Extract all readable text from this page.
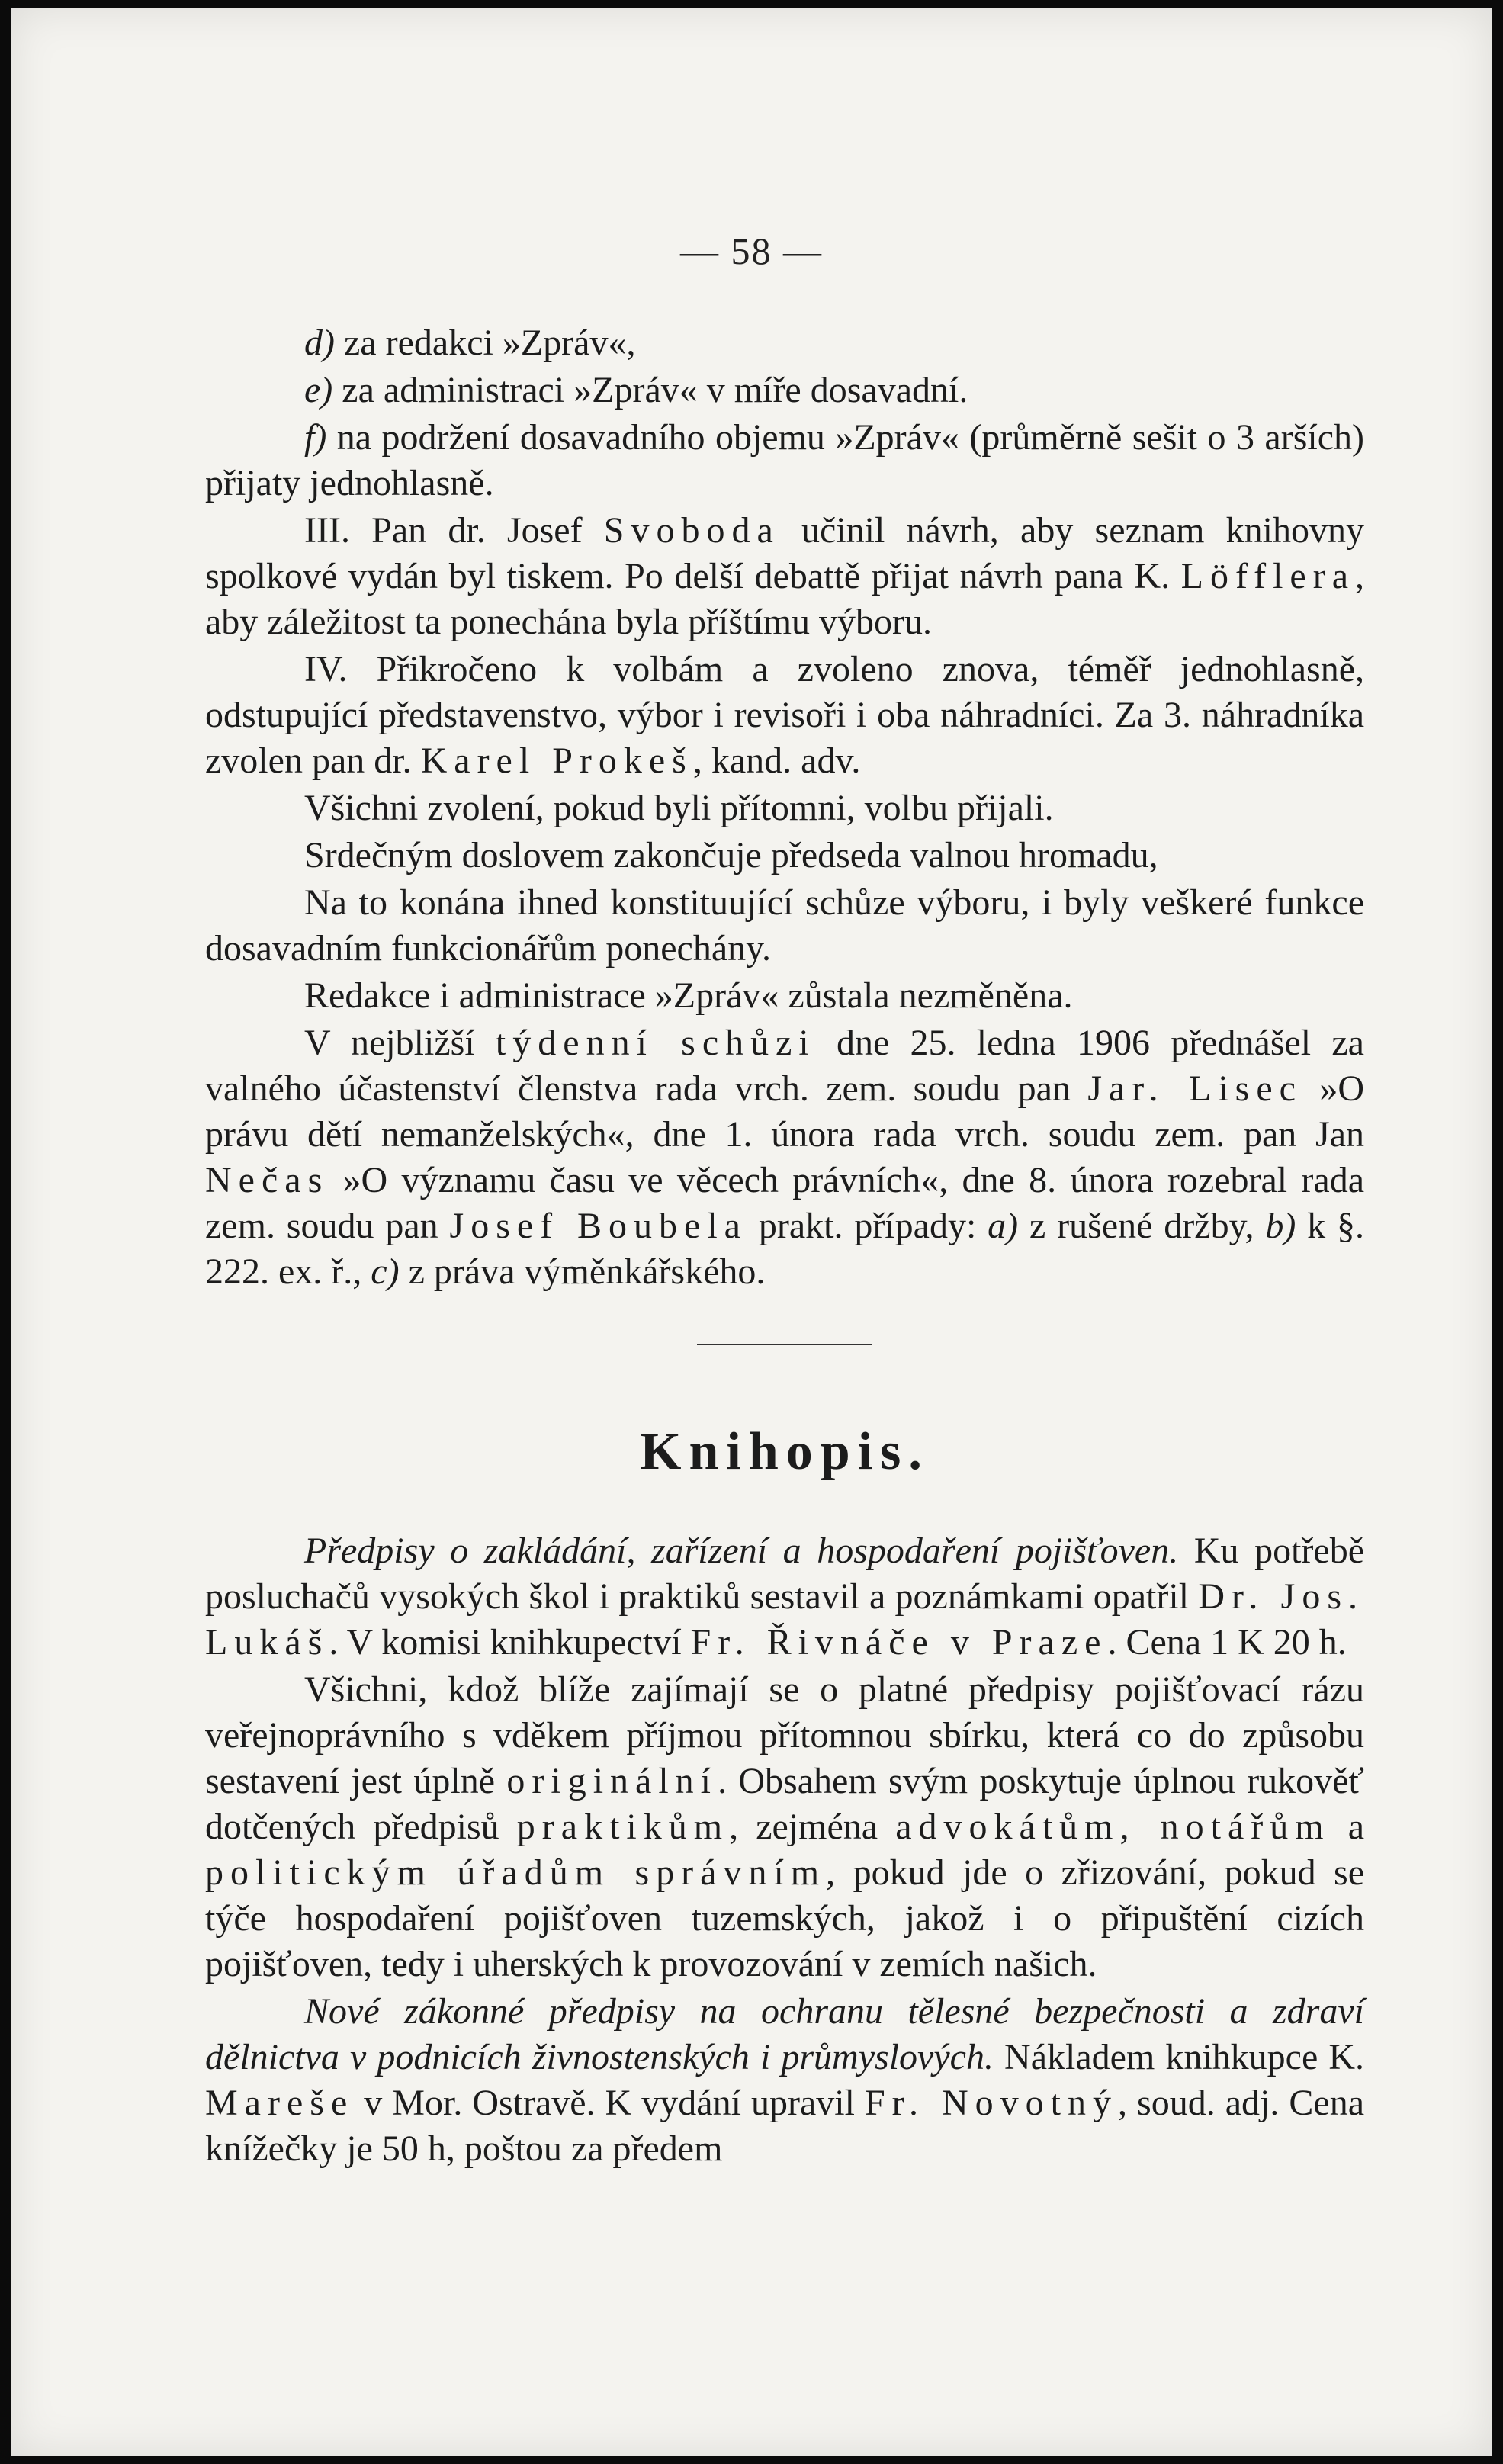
— 58 —

d) za redakci »Zpráv«,

e) za administraci »Zpráv« v míře dosavadní.

f) na podržení dosavadního objemu »Zpráv« (průměrně sešit o 3 arších) přijaty jednohlasně.

III. Pan dr. Josef Svoboda učinil návrh, aby seznam knihovny spolkové vydán byl tiskem. Po delší debattě přijat návrh pana K. Löfflera, aby záležitost ta ponechána byla příštímu výboru.

IV. Přikročeno k volbám a zvoleno znova, téměř jednohlasně, odstupující představenstvo, výbor i revisoři i oba náhradníci. Za 3. náhradníka zvolen pan dr. Karel Prokeš, kand. adv.

Všichni zvolení, pokud byli přítomni, volbu přijali.

Srdečným doslovem zakončuje předseda valnou hromadu,

Na to konána ihned konstituující schůze výboru, i byly veškeré funkce dosavadním funkcionářům ponechány.

Redakce i administrace »Zpráv« zůstala nezměněna.

V nejbližší týdenní schůzi dne 25. ledna 1906 přednášel za valného účastenství členstva rada vrch. zem. soudu pan Jar. Lisec »O právu dětí nemanželských«, dne 1. února rada vrch. soudu zem. pan Jan Nečas »O významu času ve věcech právních«, dne 8. února rozebral rada zem. soudu pan Josef Boubela prakt. případy: a) z rušené držby, b) k §. 222. ex. ř., c) z práva výměnkářského.

Knihopis.

Předpisy o zakládání, zařízení a hospodaření pojišťoven. Ku potřebě posluchačů vysokých škol i praktiků sestavil a poznámkami opatřil Dr. Jos. Lukáš. V komisi knihkupectví Fr. Řivnáče v Praze. Cena 1 K 20 h.

Všichni, kdož blíže zajímají se o platné předpisy pojišťovací rázu veřejnoprávního s vděkem příjmou přítomnou sbírku, která co do způsobu sestavení jest úplně originální. Obsahem svým poskytuje úplnou rukověť dotčených předpisů praktikům, zejména advokátům, notářům a politickým úřadům správním, pokud jde o zřizování, pokud se týče hospodaření pojišťoven tuzemských, jakož i o připuštění cizích pojišťoven, tedy i uherských k provozování v zemích našich.

Nové zákonné předpisy na ochranu tělesné bezpečnosti a zdraví dělnictva v podnicích živnostenských i průmyslových. Nákladem knihkupce K. Mareše v Mor. Ostravě. K vydání upravil Fr. Novotný, soud. adj. Cena knížečky je 50 h, poštou za předem
